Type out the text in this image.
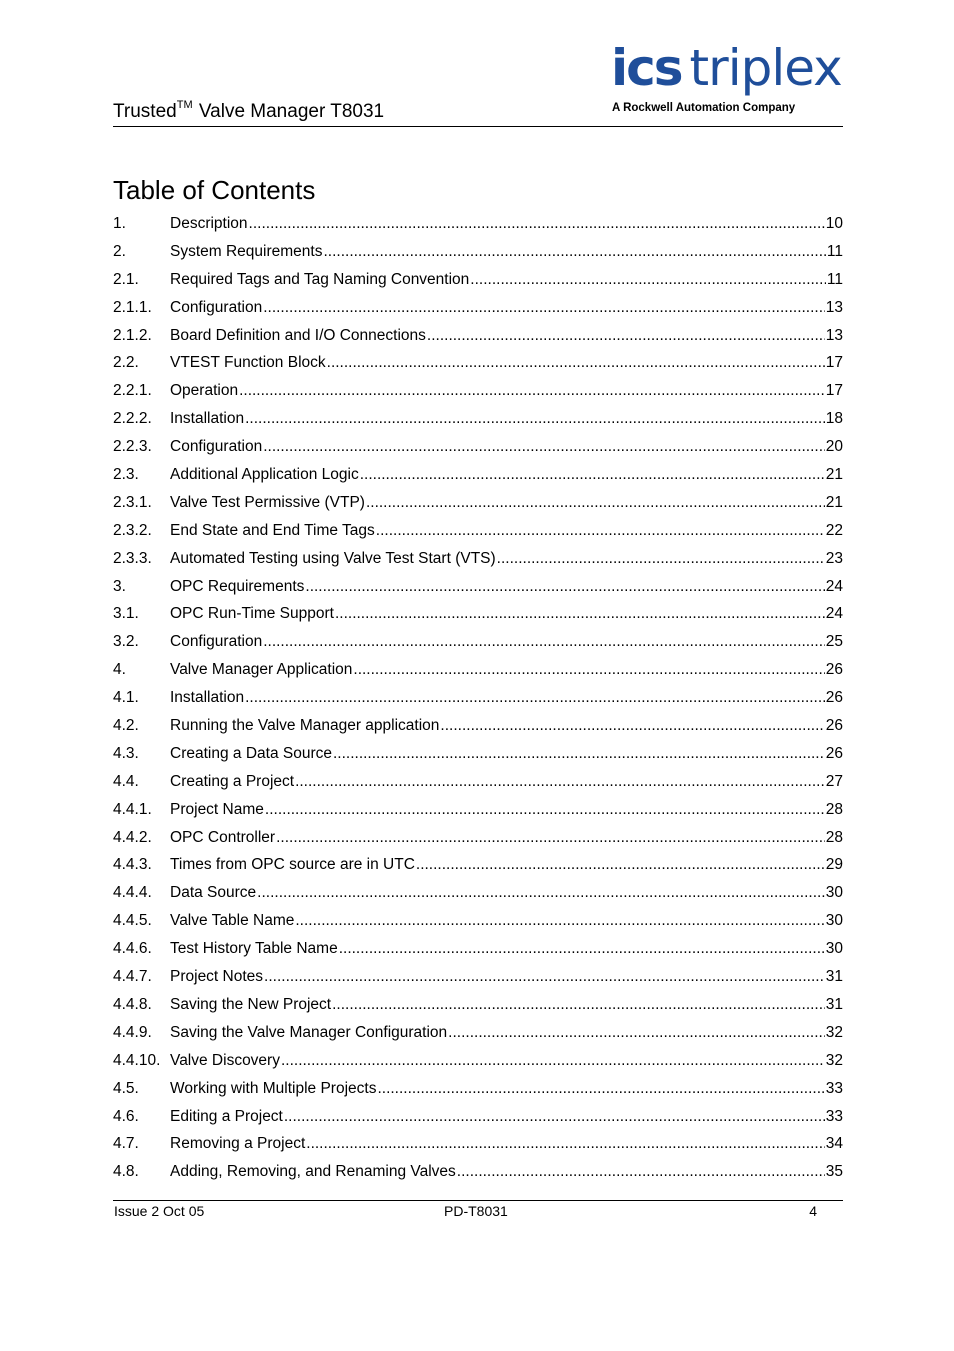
Trusted™ Valve Manager T8031
ics triplex
A Rockwell Automation Company
Table of Contents
1.	Description .....	10
2.	System Requirements .....	11
2.1.	Required Tags and Tag Naming Convention .....	11
2.1.1.	Configuration .....	13
2.1.2.	Board Definition and I/O Connections .....	13
2.2.	VTEST Function Block .....	17
2.2.1.	Operation .....	17
2.2.2.	Installation .....	18
2.2.3.	Configuration .....	20
2.3.	Additional Application Logic .....	21
2.3.1.	Valve Test Permissive (VTP) .....	21
2.3.2.	End State and End Time Tags .....	22
2.3.3.	Automated Testing using Valve Test Start (VTS) .....	23
3.	OPC Requirements .....	24
3.1.	OPC Run-Time Support .....	24
3.2.	Configuration .....	25
4.	Valve Manager Application .....	26
4.1.	Installation .....	26
4.2.	Running the Valve Manager application .....	26
4.3.	Creating a Data Source .....	26
4.4.	Creating a Project .....	27
4.4.1.	Project Name .....	28
4.4.2.	OPC Controller .....	28
4.4.3.	Times from OPC source are in UTC .....	29
4.4.4.	Data Source .....	30
4.4.5.	Valve Table Name .....	30
4.4.6.	Test History Table Name .....	30
4.4.7.	Project Notes .....	31
4.4.8.	Saving the New Project .....	31
4.4.9.	Saving the Valve Manager Configuration .....	32
4.4.10. Valve Discovery .....	32
4.5.	Working with Multiple Projects .....	33
4.6.	Editing a Project .....	33
4.7.	Removing a Project .....	34
4.8.	Adding, Removing, and Renaming Valves .....	35
Issue 2 Oct 05	PD-T8031	4
